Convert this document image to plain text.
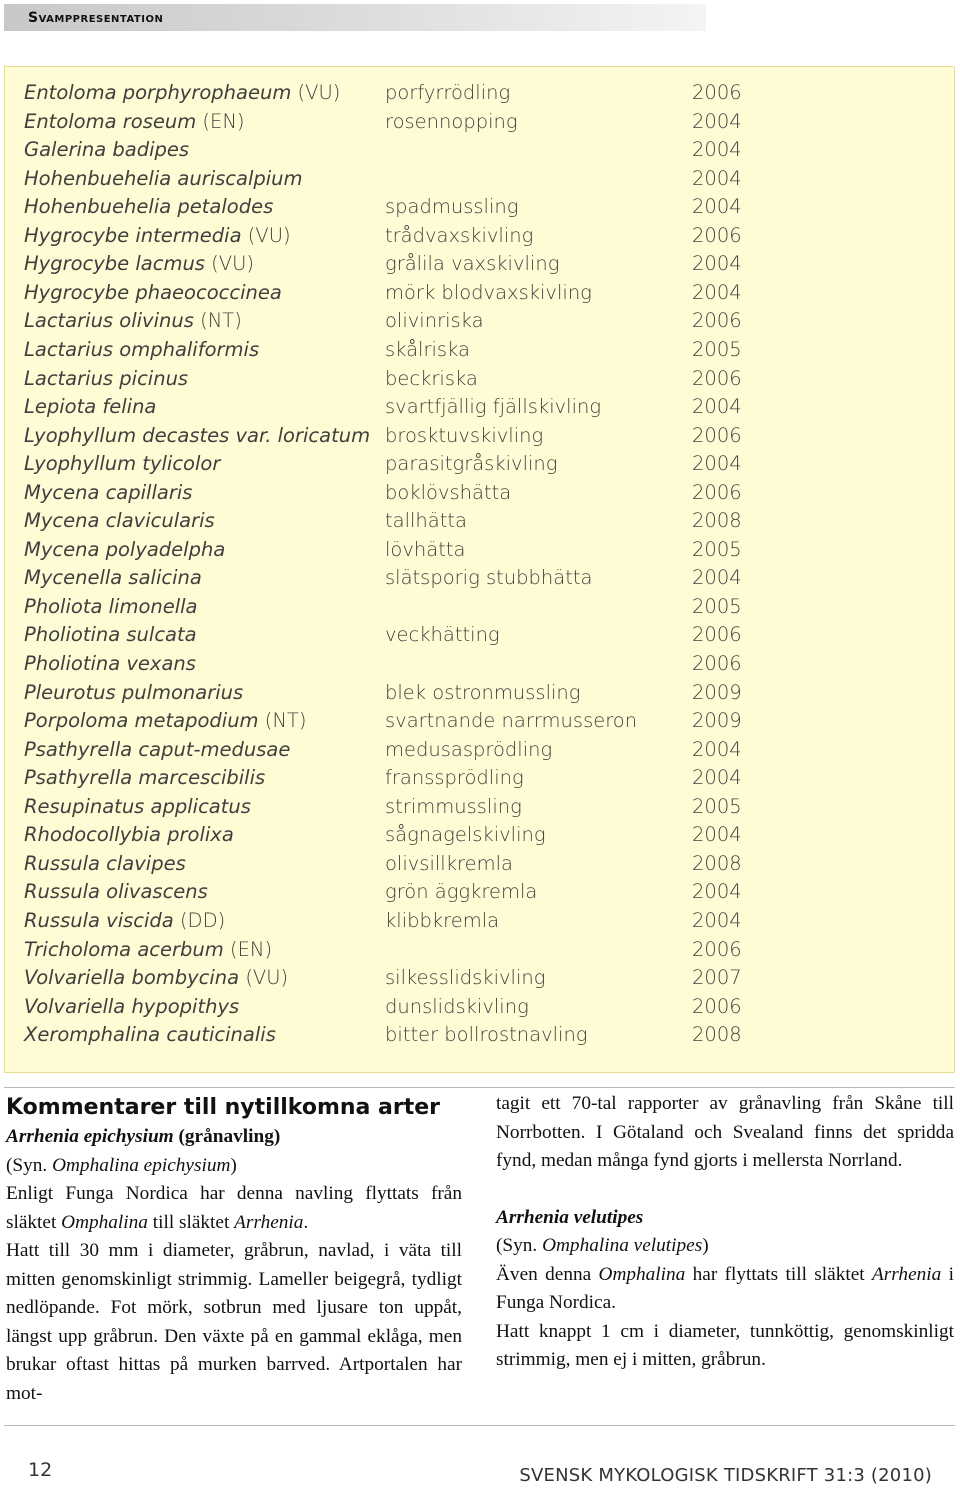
Svamppresentation
Entoloma porphyrophaeum (VU) porfyrrödling	2006
Entoloma roseum (EN)	rosennopping	2004
Galerina badipes	2004
Hohenbuehelia auriscalpium	2004
Hohenbuehelia petalodes	spadmussling	2004
Hygrocybe intermedia (VU)	trådvaxskivling	2006
Hygrocybe lacmus (VU)	grålila vaxskivling	2004
Hygrocybe phaeococcinea	mörk blodvaxskivling	2004
Lactarius olivinus (NT)	olivinriska	2006
Lactarius omphaliformis	skålriska	2005
Lactarius picinus	beckriska	2006
Lepiota felina	svartfjällig fjällskivling	2004
Lyophyllum decastes var. loricatum brosktuvskivling	2006
Lyophyllum tylicolor	parasitgråskivling	2004
Mycena capillaris	boklövshätta	2006
Mycena clavicularis	tallhätta	2008
Mycena polyadelpha	lövhätta	2005
Mycenella salicina	slätsporig stubbhätta	2004
Pholiota limonella	2005
Pholiotina sulcata	veckhätting	2006
Pholiotina vexans	2006
Pleurotus pulmonarius	blek ostronmussling	2009
Porpoloma metapodium (NT)	svartnande narrmusseron	2009
Psathyrella caput-medusae	medusasprödling	2004
Psathyrella marcescibilis	franssprödling	2004
Resupinatus applicatus	strimmussling	2005
Rhodocollybia prolixa	sågnagelskivling	2004
Russula clavipes	olivsillkremla	2008
Russula olivascens	grön äggkremla	2004
Russula viscida (DD)	klibbkremla	2004
Tricholoma acerbum (EN)	2006
Volvariella bombycina (VU)	silkesslidskivling	2007
Volvariella hypopithys	dunslidskivling	2006
Xeromphalina cauticinalis	bitter bollrostnavling	2008
Kommentarer till nytillkomna arter

Arrhenia epichysium (grånavling)

(Syn. Omphalina epichysium)

Enligt Funga Nordica har denna navling flyttats från släktet Omphalina till släktet Arrhenia.

Hatt till 30 mm i diameter, gråbrun, navlad, i väta till mitten genomskinligt strimmig. Lameller beigegrå, tydligt nedlöpande. Fot mörk, sotbrun med ljusare ton uppåt, längst upp gråbrun. Den växte på en gammal eklåga, men brukar oftast hittas på murken barrved. Artportalen har mot-

tagit ett 70-tal rapporter av grånavling från Skåne till Norrbotten. I Götaland och Svealand finns det spridda fynd, medan många fynd gjorts i mellersta Norrland.

Arrhenia velutipes

(Syn. Omphalina velutipes)

Även denna Omphalina har flyttats till släktet Arrhenia i Funga Nordica.

Hatt knappt 1 cm i diameter, tunnköttig, genomskinligt strimmig, men ej i mitten, gråbrun.

12	SVENSK MYKOLOGISK TIDSKRIFT 31:3 (2010)
